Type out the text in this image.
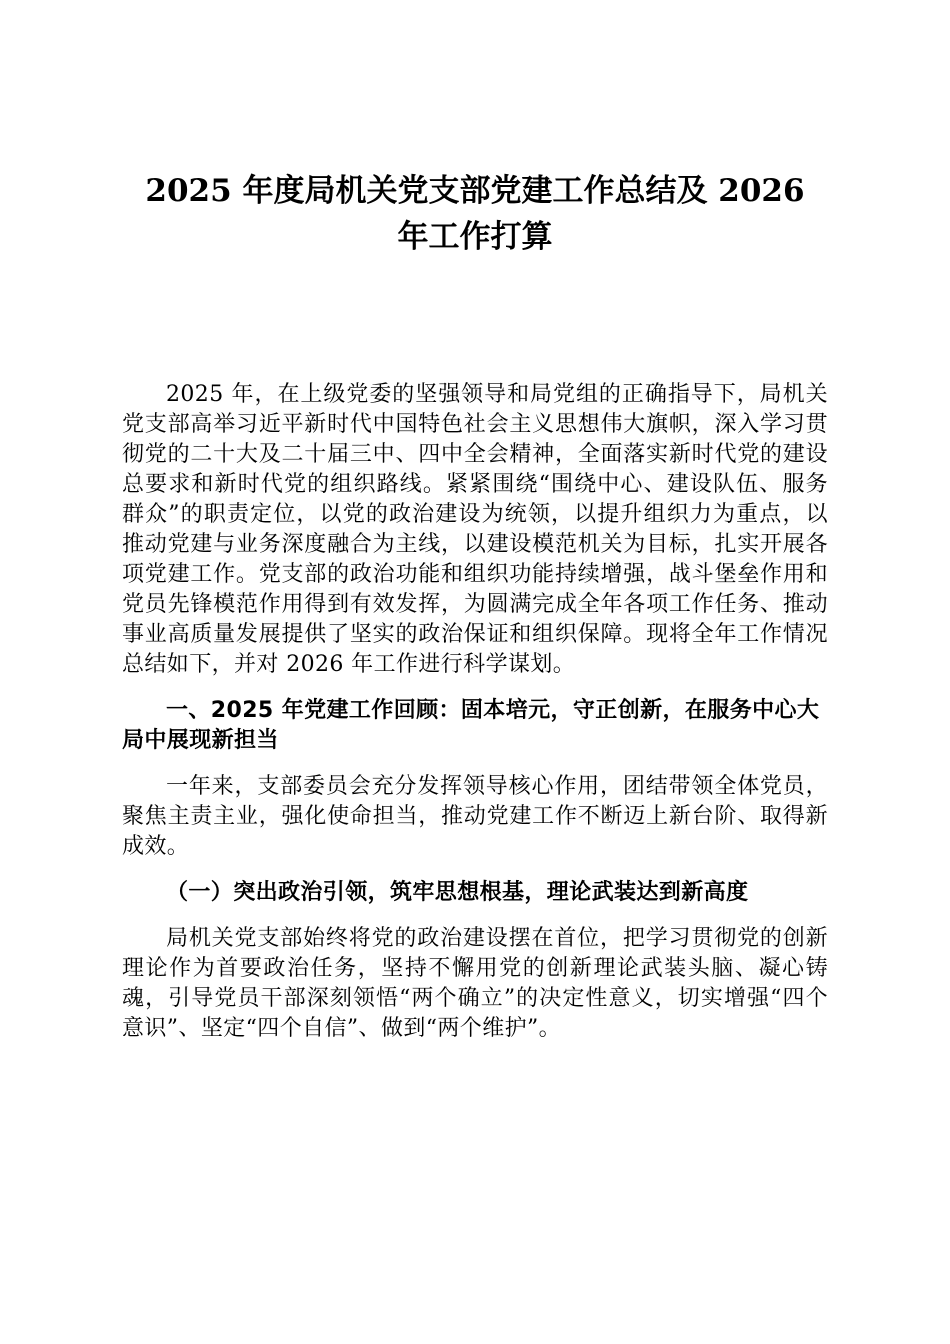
2025 年度局机关党支部党建工作总结及 2026
年工作打算

2025 年，在上级党委的坚强领导和局党组的正确指导下，局机关党支部高举习近平新时代中国特色社会主义思想伟大旗帜，深入学习贯彻党的二十大及二十届三中、四中全会精神，全面落实新时代党的建设总要求和新时代党的组织路线。紧紧围绕“围绕中心、建设队伍、服务群众”的职责定位，以党的政治建设为统领，以提升组织力为重点，以推动党建与业务深度融合为主线，以建设模范机关为目标，扎实开展各项党建工作。党支部的政治功能和组织功能持续增强，战斗堡垒作用和党员先锋模范作用得到有效发挥，为圆满完成全年各项工作任务、推动事业高质量发展提供了坚实的政治保证和组织保障。现将全年工作情况总结如下，并对 2026 年工作进行科学谋划。

一、2025 年党建工作回顾：固本培元，守正创新，在服务中心大局中展现新担当

一年来，支部委员会充分发挥领导核心作用，团结带领全体党员，聚焦主责主业，强化使命担当，推动党建工作不断迈上新台阶、取得新成效。

（一）突出政治引领，筑牢思想根基，理论武装达到新高度

局机关党支部始终将党的政治建设摆在首位，把学习贯彻党的创新理论作为首要政治任务，坚持不懈用党的创新理论武装头脑、凝心铸魂，引导党员干部深刻领悟“两个确立”的决定性意义，切实增强“四个意识”、坚定“四个自信”、做到“两个维护”。
